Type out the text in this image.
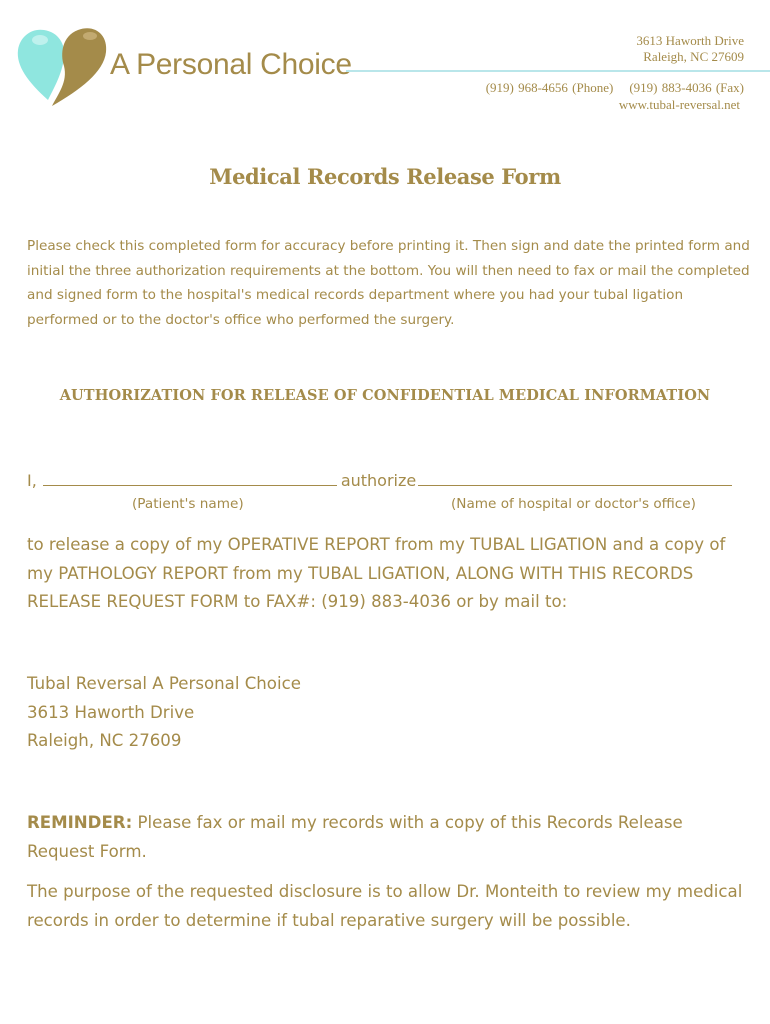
A Personal Choice
3613 Haworth Drive
Raleigh, NC 27609
(919) 968-4656 (Phone) (919) 883-4036 (Fax)
www.tubal-reversal.net
Medical Records Release Form

Please check this completed form for accuracy before printing it. Then sign and date the printed form and initial the three authorization requirements at the bottom. You will then need to fax or mail the completed and signed form to the hospital's medical records department where you had your tubal ligation performed or to the doctor's office who performed the surgery.

AUTHORIZATION FOR RELEASE OF CONFIDENTIAL MEDICAL INFORMATION
I,	authorize
(Patient's name)	(Name of hospital or doctor's office)

to release a copy of my OPERATIVE REPORT from my TUBAL LIGATION and a copy of my PATHOLOGY REPORT from my TUBAL LIGATION, ALONG WITH THIS RECORDS RELEASE REQUEST FORM to FAX#: (919) 883-4036 or by mail to:

Tubal Reversal A Personal Choice
3613 Haworth Drive
Raleigh, NC 27609

REMINDER: Please fax or mail my records with a copy of this Records Release Request Form.

The purpose of the requested disclosure is to allow Dr. Monteith to review my medical records in order to determine if tubal reparative surgery will be possible.
